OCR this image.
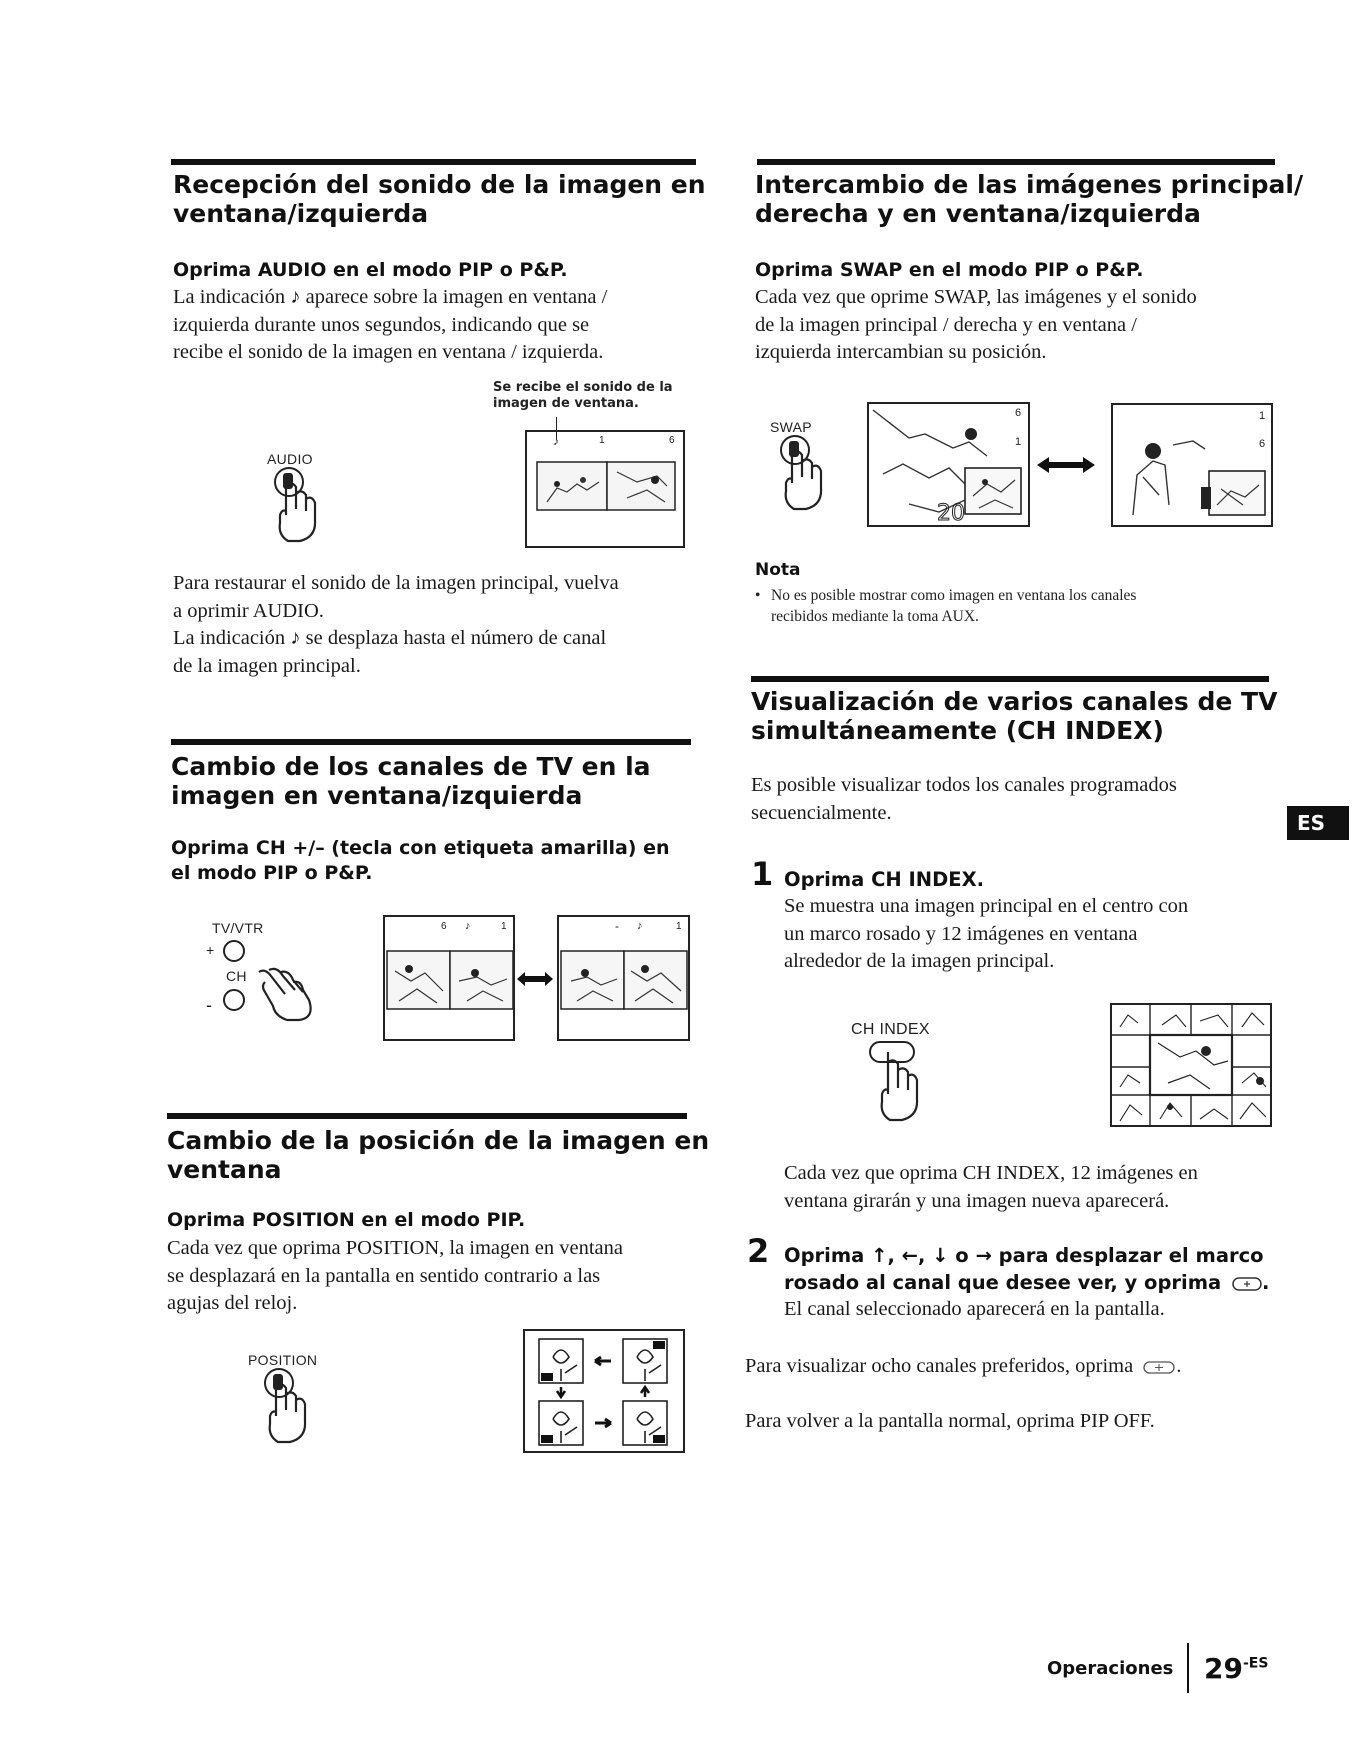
Recepción del sonido de la imagen en
ventana/izquierda
Oprima AUDIO en el modo PIP o P&P.
La indicación ♪ aparece sobre la imagen en ventana /
izquierda durante unos segundos, indicando que se
recibe el sonido de la imagen en ventana / izquierda.
Se recibe el sonido de la
imagen de ventana.
AUDIO
♪	1	6
Para restaurar el sonido de la imagen principal, vuelva
a oprimir AUDIO.
La indicación ♪ se desplaza hasta el número de canal
de la imagen principal.
Cambio de los canales de TV en la
imagen en ventana/izquierda
Oprima CH +/– (tecla con etiqueta amarilla) en
el modo PIP o P&P.
TV/VTR
+
CH
-
6 ♪	1	- ♪	1
Cambio de la posición de la imagen en
ventana
Oprima POSITION en el modo PIP.
Cada vez que oprima POSITION, la imagen en ventana
se desplazará en la pantalla en sentido contrario a las
agujas del reloj.
POSITION
Intercambio de las imágenes principal/
derecha y en ventana/izquierda
Oprima SWAP en el modo PIP o P&P.
Cada vez que oprime SWAP, las imágenes y el sonido
de la imagen principal / derecha y en ventana /
izquierda intercambian su posición.
SWAP
6
1
20
1
6
Nota
• No es posible mostrar como imagen en ventana los canales
recibidos mediante la toma AUX.
Visualización de varios canales de TV
simultáneamente (CH INDEX)
Es posible visualizar todos los canales programados
secuencialmente.
1 Oprima CH INDEX.
Se muestra una imagen principal en el centro con
un marco rosado y 12 imágenes en ventana
alrededor de la imagen principal.
CH INDEX
Cada vez que oprima CH INDEX, 12 imágenes en
ventana girarán y una imagen nueva aparecerá.
2 Oprima ↑, ←, ↓ o → para desplazar el marco
rosado al canal que desee ver, y oprima .
El canal seleccionado aparecerá en la pantalla.
Para visualizar ocho canales preferidos, oprima .
Para volver a la pantalla normal, oprima PIP OFF.
ES
Operaciones $29^{-ES}$
